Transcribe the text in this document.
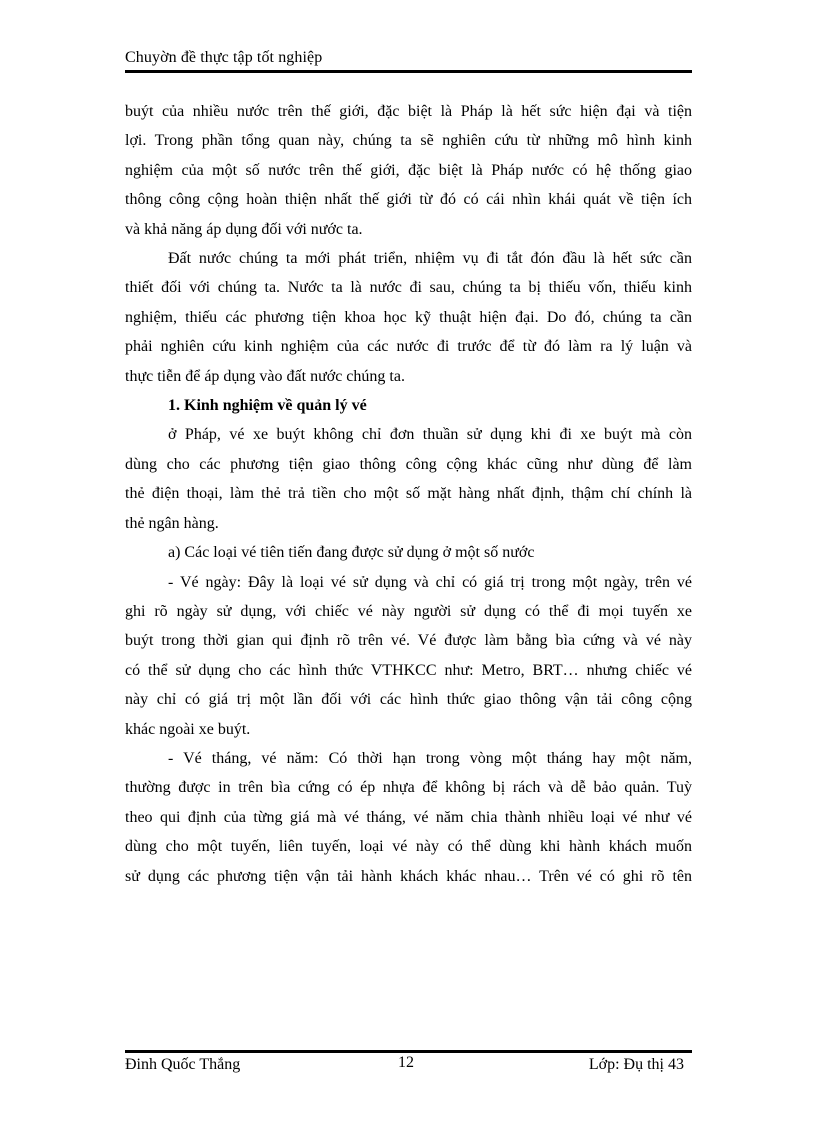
Chuyờn đề thực tập tốt nghiệp

buýt của nhiều nước trên thế giới, đặc biệt là Pháp là hết sức hiện đại và tiện

lợi. Trong phần tổng quan này, chúng ta sẽ nghiên cứu từ những mô hình kinh

nghiệm của một số nước trên thế giới, đặc biệt là Pháp nước có hệ thống giao

thông công cộng hoàn thiện nhất thế giới từ đó có cái nhìn khái quát về tiện ích

và khả năng áp dụng đối với nước ta.

Đất nước chúng ta mới phát triển, nhiệm vụ đi tắt đón đầu là hết sức cần

thiết đối với chúng ta. Nước ta là nước đi sau, chúng ta bị thiếu vốn, thiếu kinh

nghiệm, thiếu các phương tiện khoa học kỹ thuật hiện đại. Do đó, chúng ta cần

phải nghiên cứu kinh nghiệm của các nước đi trước để từ đó làm ra lý luận và

thực tiễn để áp dụng vào đất nước chúng ta.

1. Kinh nghiệm về quản lý vé

ở Pháp, vé xe buýt không chỉ đơn thuần sử dụng khi đi xe buýt mà còn

dùng cho các phương tiện giao thông công cộng khác cũng như dùng để làm

thẻ điện thoại, làm thẻ trả tiền cho một số mặt hàng nhất định, thậm chí chính là

thẻ ngân hàng.

a) Các loại vé tiên tiến đang được sử dụng ở một số nước

- Vé ngày: Đây là loại vé sử dụng và chỉ có giá trị trong một ngày, trên vé

ghi rõ ngày sử dụng, với chiếc vé này người sử dụng có thể đi mọi tuyến xe

buýt trong thời gian qui định rõ trên vé. Vé được làm bằng bìa cứng và vé này

có thể sử dụng cho các hình thức VTHKCC như: Metro, BRT… nhưng chiếc vé

này chỉ có giá trị một lần đối với các hình thức giao thông vận tải công cộng

khác ngoài xe buýt.

- Vé tháng, vé năm: Có thời hạn trong vòng một tháng hay một năm,

thường được in trên bìa cứng có ép nhựa để không bị rách và dễ bảo quản. Tuỳ

theo qui định của từng giá mà vé tháng, vé năm chia thành nhiều loại vé như vé

dùng cho một tuyến, liên tuyến, loại vé này có thể dùng khi hành khách muốn

sử dụng các phương tiện vận tải hành khách khác nhau… Trên vé có ghi rõ tên

Đinh Quốc Thắng	12	Lớp: Đụ thị 43
